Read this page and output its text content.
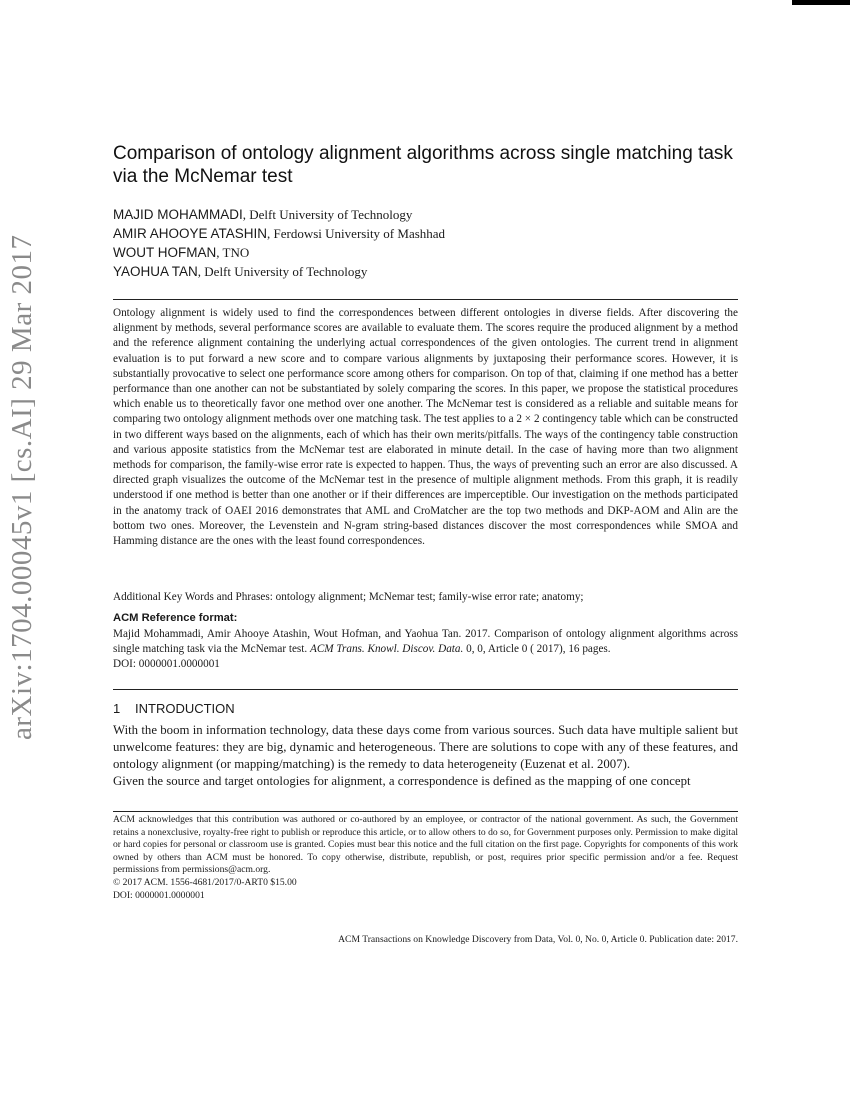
arXiv:1704.00045v1 [cs.AI] 29 Mar 2017
Comparison of ontology alignment algorithms across single matching task via the McNemar test
MAJID MOHAMMADI, Delft University of Technology
AMIR AHOOYE ATASHIN, Ferdowsi University of Mashhad
WOUT HOFMAN, TNO
YAOHUA TAN, Delft University of Technology

Ontology alignment is widely used to find the correspondences between different ontologies in diverse fields. After discovering the alignment by methods, several performance scores are available to evaluate them. The scores require the produced alignment by a method and the reference alignment containing the underlying actual correspondences of the given ontologies. The current trend in alignment evaluation is to put forward a new score and to compare various alignments by juxtaposing their performance scores. However, it is substantially provocative to select one performance score among others for comparison. On top of that, claiming if one method has a better performance than one another can not be substantiated by solely comparing the scores. In this paper, we propose the statistical procedures which enable us to theoretically favor one method over one another. The McNemar test is considered as a reliable and suitable means for comparing two ontology alignment methods over one matching task. The test applies to a 2 × 2 contingency table which can be constructed in two different ways based on the alignments, each of which has their own merits/pitfalls. The ways of the contingency table construction and various apposite statistics from the McNemar test are elaborated in minute detail. In the case of having more than two alignment methods for comparison, the family-wise error rate is expected to happen. Thus, the ways of preventing such an error are also discussed. A directed graph visualizes the outcome of the McNemar test in the presence of multiple alignment methods. From this graph, it is readily understood if one method is better than one another or if their differences are imperceptible. Our investigation on the methods participated in the anatomy track of OAEI 2016 demonstrates that AML and CroMatcher are the top two methods and DKP-AOM and Alin are the bottom two ones. Moreover, the Levenstein and N-gram string-based distances discover the most correspondences while SMOA and Hamming distance are the ones with the least found correspondences.

Additional Key Words and Phrases: ontology alignment; McNemar test; family-wise error rate; anatomy;

ACM Reference format:

Majid Mohammadi, Amir Ahooye Atashin, Wout Hofman, and Yaohua Tan. 2017. Comparison of ontology alignment algorithms across single matching task via the McNemar test. ACM Trans. Knowl. Discov. Data. 0, 0, Article 0 ( 2017), 16 pages.
DOI: 0000001.0000001

1 INTRODUCTION

With the boom in information technology, data these days come from various sources. Such data have multiple salient but unwelcome features: they are big, dynamic and heterogeneous. There are solutions to cope with any of these features, and ontology alignment (or mapping/matching) is the remedy to data heterogeneity (Euzenat et al. 2007).

Given the source and target ontologies for alignment, a correspondence is defined as the mapping of one concept

ACM acknowledges that this contribution was authored or co-authored by an employee, or contractor of the national government. As such, the Government retains a nonexclusive, royalty-free right to publish or reproduce this article, or to allow others to do so, for Government purposes only. Permission to make digital or hard copies for personal or classroom use is granted. Copies must bear this notice and the full citation on the first page. Copyrights for components of this work owned by others than ACM must be honored. To copy otherwise, distribute, republish, or post, requires prior specific permission and/or a fee. Request permissions from permissions@acm.org.

© 2017 ACM. 1556-4681/2017/0-ART0 $15.00

DOI: 0000001.0000001

ACM Transactions on Knowledge Discovery from Data, Vol. 0, No. 0, Article 0. Publication date: 2017.
